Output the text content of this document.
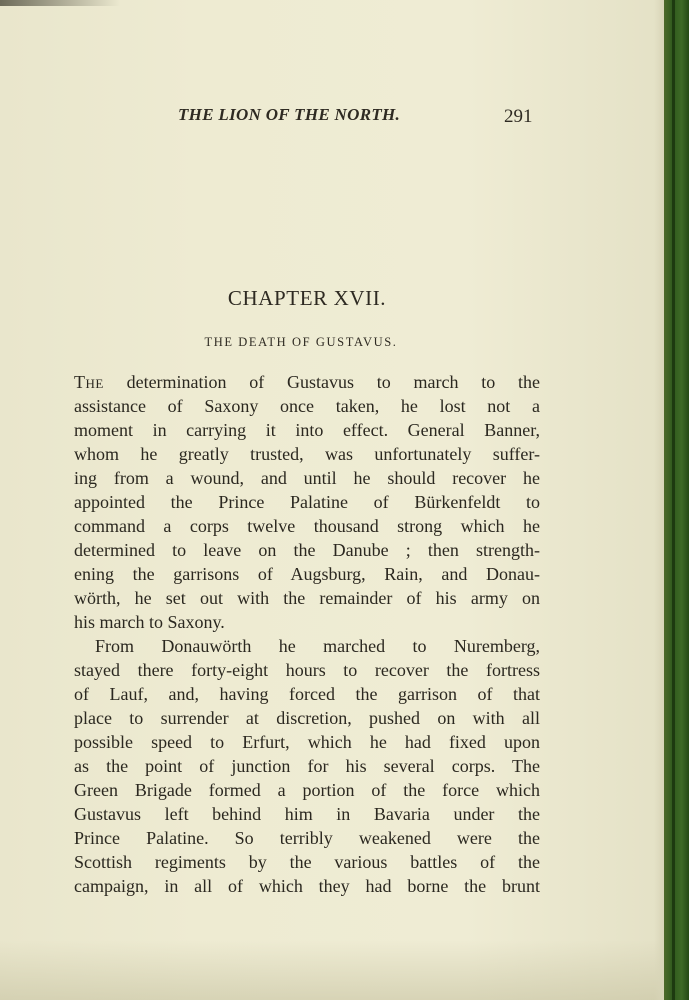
THE LION OF THE NORTH.	291
CHAPTER XVII.
THE DEATH OF GUSTAVUS.
The determination of Gustavus to march to the
assistance of Saxony once taken, he lost not a
moment in carrying it into effect. General Banner,
whom he greatly trusted, was unfortunately suffer-
ing from a wound, and until he should recover he
appointed the Prince Palatine of Bürkenfeldt to
command a corps twelve thousand strong which he
determined to leave on the Danube ; then strength-
ening the garrisons of Augsburg, Rain, and Donau-
wörth, he set out with the remainder of his army on
his march to Saxony.
From Donauwörth he marched to Nuremberg,
stayed there forty-eight hours to recover the fortress
of Lauf, and, having forced the garrison of that
place to surrender at discretion, pushed on with all
possible speed to Erfurt, which he had fixed upon
as the point of junction for his several corps. The
Green Brigade formed a portion of the force which
Gustavus left behind him in Bavaria under the
Prince Palatine. So terribly weakened were the
Scottish regiments by the various battles of the
campaign, in all of which they had borne the brunt
